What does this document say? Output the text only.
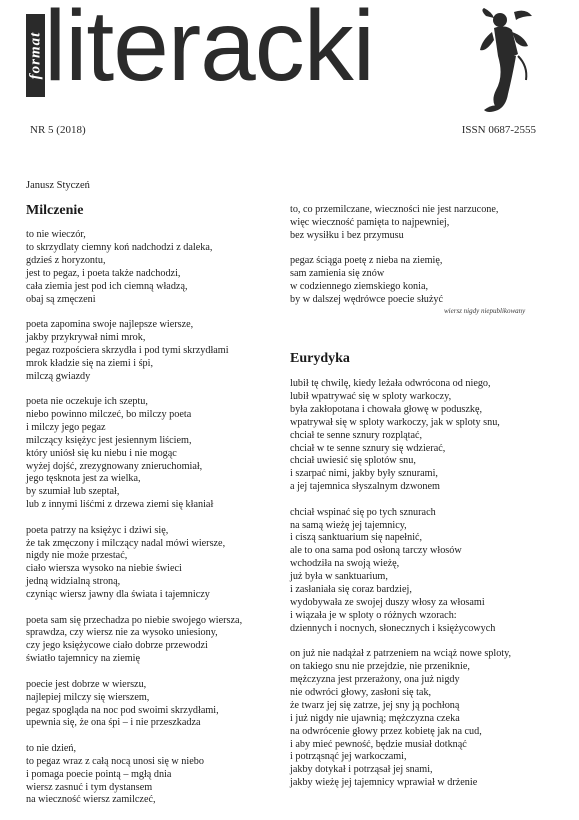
format literacki
NR 5 (2018)	ISSN 0687-2555
Janusz Styczeń
Milczenie
Eurydyka
to nie wieczór,
to skrzydlaty ciemny koń nadchodzi z daleka,
gdzieś z horyzontu,
jest to pegaz, i poeta także nadchodzi,
cała ziemia jest pod ich ciemną władzą,
obaj są zmęczeni
poeta zapomina swoje najlepsze wiersze,
jakby przykrywał nimi mrok,
pegaz rozpościera skrzydła i pod tymi skrzydłami
mrok kładzie się na ziemi i śpi,
milczą gwiazdy
poeta nie oczekuje ich szeptu,
niebo powinno milczeć, bo milczy poeta
i milczy jego pegaz
milczący księżyc jest jesiennym liściem,
który uniósł się ku niebu i nie mogąc
wyżej dojść, zrezygnowany znieruchomiał,
jego tęsknota jest za wielka,
by szumiał lub szeptał,
lub z innymi liśćmi z drzewa ziemi się kłaniał
poeta patrzy na księżyc i dziwi się,
że tak zmęczony i milczący nadal mówi wiersze,
nigdy nie może przestać,
ciało wiersza wysoko na niebie świeci
jedną widzialną stroną,
czyniąc wiersz jawny dla świata i tajemniczy
poeta sam się przechadza po niebie swojego wiersza,
sprawdza, czy wiersz nie za wysoko uniesiony,
czy jego księżycowe ciało dobrze przewodzi
światło tajemnicy na ziemię
poecie jest dobrze w wierszu,
najlepiej milczy się wierszem,
pegaz spogląda na noc pod swoimi skrzydłami,
upewnia się, że ona śpi – i nie przeszkadza
to nie dzień,
to pegaz wraz z całą nocą unosi się w niebo
i pomaga poecie pointą – mgłą dnia
wiersz zasnuć i tym dystansem
na wieczność wiersz zamilczeć,
to, co przemilczane, wieczności nie jest narzucone,
więc wieczność pamięta to najpewniej,
bez wysiłku i bez przymusu
pegaz ściąga poetę z nieba na ziemię,
sam zamienia się znów
w codziennego ziemskiego konia,
by w dalszej wędrówce poecie służyć
wiersz nigdy niepublikowany
lubił tę chwilę, kiedy leżała odwrócona od niego,
lubił wpatrywać się w sploty warkoczy,
była zakłopotana i chowała głowę w poduszkę,
wpatrywał się w sploty warkoczy, jak w sploty snu,
chciał te senne sznury rozplątać,
chciał w te senne sznury się wdzierać,
chciał uwiesić się splotów snu,
i szarpać nimi, jakby były sznurami,
a jej tajemnica słyszalnym dzwonem
chciał wspinać się po tych sznurach
na samą wieżę jej tajemnicy,
i ciszą sanktuarium się napełnić,
ale to ona sama pod osłoną tarczy włosów
wchodziła na swoją wieżę,
już była w sanktuarium,
i zasłaniała się coraz bardziej,
wydobywała ze swojej duszy włosy za włosami
i wiązała je w sploty o różnych wzorach:
dziennych i nocnych, słonecznych i księżycowych
on już nie nadążał z patrzeniem na wciąż nowe sploty,
on takiego snu nie przejdzie, nie przeniknie,
mężczyzna jest przerażony, ona już nigdy
nie odwróci głowy, zasłoni się tak,
że twarz jej się zatrze, jej sny ją pochłoną
i już nigdy nie ujawnią; mężczyzna czeka
na odwrócenie głowy przez kobietę jak na cud,
i aby mieć pewność, będzie musiał dotknąć
i potrząsnąć jej warkoczami,
jakby dotykał i potrząsał jej snami,
jakby wieżę jej tajemnicy wprawiał w drżenie
